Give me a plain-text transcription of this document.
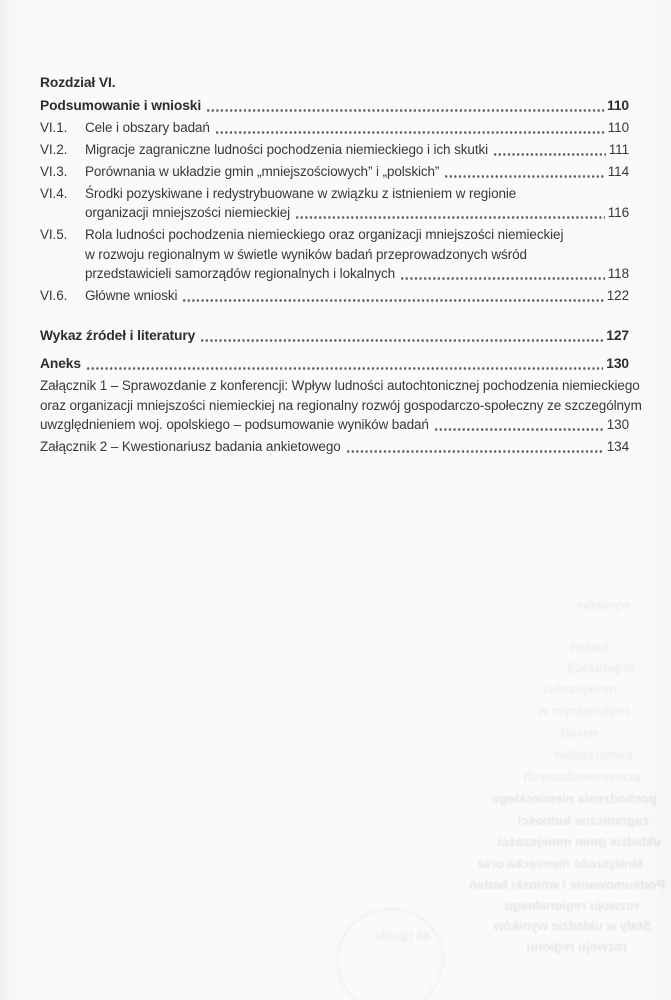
wyników
badań
organizacji
mniejszości
regionalnym w
wśród
samorządów
przeprowadzonych
pochodzenia niemieckiego
zagraniczne ludności
układzie gmin mniejszości
Mniejszość niemiecka oraz
Podsumowanie i wnioski badań
rozwoju regionalnego
Stały w układzie wyników
rozwoju regionu
44 (guide
Rozdział VI.
Podsumowanie i wnioski	110
VI.1. Cele i obszary badań	110
VI.2. Migracje zagraniczne ludności pochodzenia niemieckiego i ich skutki	111
VI.3. Porównania w układzie gmin „mniejszościowych” i „polskich”	114
VI.4. Środki pozyskiwane i redystrybuowane w związku z istnieniem w regionie
organizacji mniejszości niemieckiej	116
VI.5. Rola ludności pochodzenia niemieckiego oraz organizacji mniejszości niemieckiej
w rozwoju regionalnym w świetle wyników badań przeprowadzonych wśród
przedstawicieli samorządów regionalnych i lokalnych	118
VI.6. Główne wnioski	122
Wykaz źródeł i literatury	127
Aneks	130
Załącznik 1 – Sprawozdanie z konferencji: Wpływ ludności autochtonicznej pochodzenia niemieckiego
oraz organizacji mniejszości niemieckiej na regionalny rozwój gospodarczo-społeczny ze szczególnym
uwzględnieniem woj. opolskiego – podsumowanie wyników badań	130
Załącznik 2 – Kwestionariusz badania ankietowego	134
